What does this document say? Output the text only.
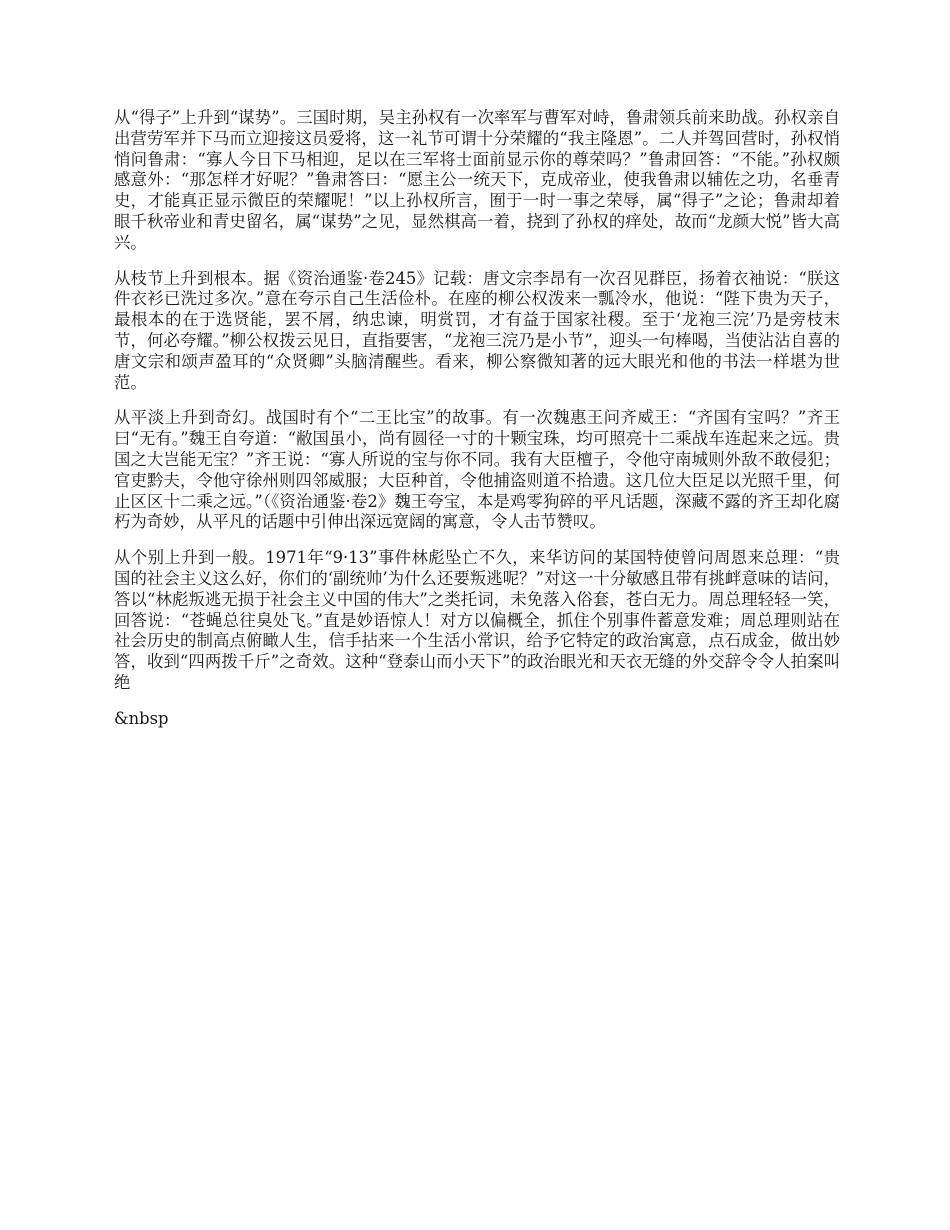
从“得子”上升到“谋势”。三国时期，吴主孙权有一次率军与曹军对峙，鲁肃领兵前来助战。孙权亲自出营劳军并下马而立迎接这员爱将，这一礼节可谓十分荣耀的“我主隆恩”。二人并驾回营时，孙权悄悄问鲁肃：“寡人今日下马相迎，足以在三军将士面前显示你的尊荣吗？”鲁肃回答：“不能。”孙权颇感意外：“那怎样才好呢？”鲁肃答曰：“愿主公一统天下，克成帝业，使我鲁肃以辅佐之功，名垂青史，才能真正显示微臣的荣耀呢！”以上孙权所言，囿于一时一事之荣辱，属“得子”之论；鲁肃却着眼千秋帝业和青史留名，属“谋势”之见，显然棋高一着，挠到了孙权的痒处，故而“龙颜大悦”皆大高兴。

从枝节上升到根本。据《资治通鉴·卷245》记载：唐文宗李昂有一次召见群臣，扬着衣袖说：“朕这件衣衫已洗过多次。”意在夸示自己生活俭朴。在座的柳公权泼来一瓢冷水，他说：“陛下贵为天子，最根本的在于选贤能，罢不屑，纳忠谏，明赏罚，才有益于国家社稷。至于‘龙袍三浣’乃是旁枝末节，何必夸耀。”柳公权拨云见日，直指要害，“龙袍三浣乃是小节”，迎头一句棒喝，当使沾沾自喜的唐文宗和颂声盈耳的“众贤卿”头脑清醒些。看来，柳公察微知著的远大眼光和他的书法一样堪为世范。

从平淡上升到奇幻。战国时有个“二王比宝”的故事。有一次魏惠王问齐威王：“齐国有宝吗？”齐王曰“无有。”魏王自夸道：“敝国虽小，尚有圆径一寸的十颗宝珠，均可照亮十二乘战车连起来之远。贵国之大岂能无宝？”齐王说：“寡人所说的宝与你不同。我有大臣檀子，令他守南城则外敌不敢侵犯；官吏黔夫，令他守徐州则四邻威服；大臣种首，令他捕盗则道不拾遗。这几位大臣足以光照千里，何止区区十二乘之远。”（《资治通鉴·卷2》魏王夸宝，本是鸡零狗碎的平凡话题，深藏不露的齐王却化腐朽为奇妙，从平凡的话题中引伸出深远宽阔的寓意，令人击节赞叹。

从个别上升到一般。1971年“9·13”事件林彪坠亡不久，来华访问的某国特使曾问周恩来总理：“贵国的社会主义这么好，你们的‘副统帅’为什么还要叛逃呢？”对这一十分敏感且带有挑衅意味的诘问，答以“林彪叛逃无损于社会主义中国的伟大”之类托词，未免落入俗套，苍白无力。周总理轻轻一笑，回答说：“苍蝇总往臭处飞。”直是妙语惊人！对方以偏概全，抓住个别事件蓄意发难；周总理则站在社会历史的制高点俯瞰人生，信手拈来一个生活小常识，给予它特定的政治寓意，点石成金，做出妙答，收到“四两拨千斤”之奇效。这种“登泰山而小天下”的政治眼光和天衣无缝的外交辞令令人拍案叫绝

&nbsp
